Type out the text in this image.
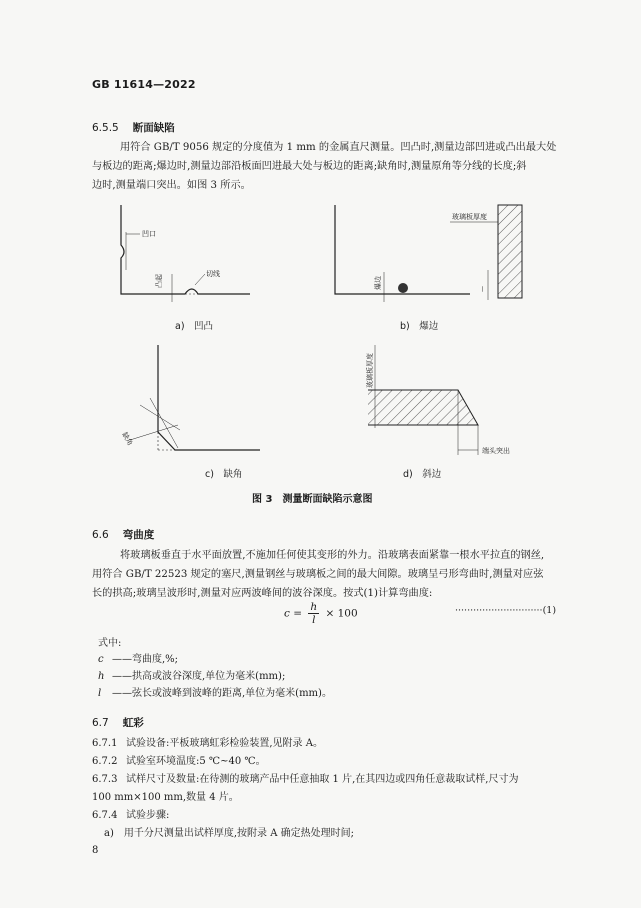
GB 11614—2022
6.5.5 断面缺陷
用符合 GB/T 9056 规定的分度值为 1 mm 的金属直尺测量。凹凸时,测量边部凹进或凸出最大处
与板边的距离;爆边时,测量边部沿板面凹进最大处与板边的距离;缺角时,测量原角等分线的长度;斜
边时,测量端口突出。如图 3 所示。
凹口
凸起	切线
爆边
玻璃板厚度
—
缺角
玻璃板厚度
端头突出
a)　凹凸	b)　爆边
c)　缺角	d)　斜边
图 3　测量断面缺陷示意图
6.6 弯曲度
将玻璃板垂直于水平面放置,不施加任何使其变形的外力。沿玻璃表面紧靠一根水平拉直的钢丝,
用符合 GB/T 22523 规定的塞尺,测量钢丝与玻璃板之间的最大间隙。玻璃呈弓形弯曲时,测量对应弦
长的拱高;玻璃呈波形时,测量对应两波峰间的波谷深度。按式(1)计算弯曲度:
$c = \frac{h}{l} \times 100$	·····························(1)
式中:
c ——弯曲度,%;
h ——拱高或波谷深度,单位为毫米(mm);
l ——弦长或波峰到波峰的距离,单位为毫米(mm)。
6.7 虹彩
6.7.1 试验设备:平板玻璃虹彩检验装置,见附录 A。
6.7.2 试验室环境温度:5 ℃~40 ℃。
6.7.3 试样尺寸及数量:在待测的玻璃产品中任意抽取 1 片,在其四边或四角任意裁取试样,尺寸为
100 mm×100 mm,数量 4 片。
6.7.4 试验步骤:
a)　用千分尺测量出试样厚度,按附录 A 确定热处理时间;
8
